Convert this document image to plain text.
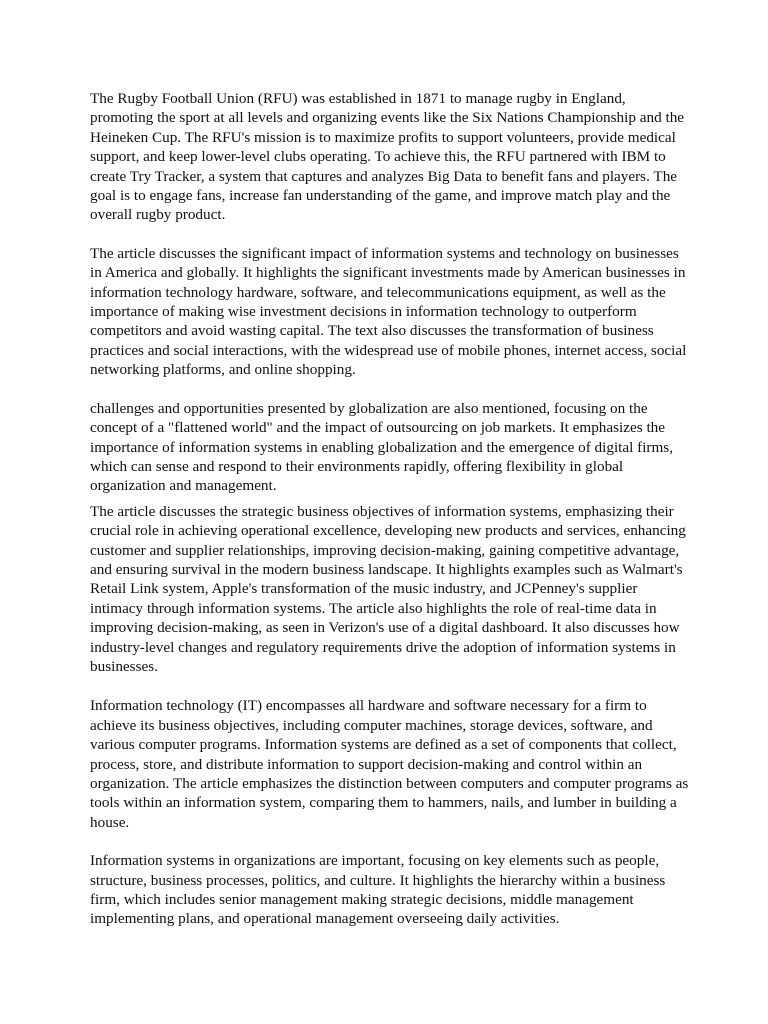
The Rugby Football Union (RFU) was established in 1871 to manage rugby in England, promoting the sport at all levels and organizing events like the Six Nations Championship and the Heineken Cup. The RFU's mission is to maximize profits to support volunteers, provide medical support, and keep lower-level clubs operating. To achieve this, the RFU partnered with IBM to create Try Tracker, a system that captures and analyzes Big Data to benefit fans and players. The goal is to engage fans, increase fan understanding of the game, and improve match play and the overall rugby product.

The article discusses the significant impact of information systems and technology on businesses in America and globally. It highlights the significant investments made by American businesses in information technology hardware, software, and telecommunications equipment, as well as the importance of making wise investment decisions in information technology to outperform competitors and avoid wasting capital. The text also discusses the transformation of business practices and social interactions, with the widespread use of mobile phones, internet access, social networking platforms, and online shopping.

challenges and opportunities presented by globalization are also mentioned, focusing on the concept of a "flattened world" and the impact of outsourcing on job markets. It emphasizes the importance of information systems in enabling globalization and the emergence of digital firms, which can sense and respond to their environments rapidly, offering flexibility in global organization and management.

The article discusses the strategic business objectives of information systems, emphasizing their crucial role in achieving operational excellence, developing new products and services, enhancing customer and supplier relationships, improving decision-making, gaining competitive advantage, and ensuring survival in the modern business landscape. It highlights examples such as Walmart's Retail Link system, Apple's transformation of the music industry, and JCPenney's supplier intimacy through information systems. The article also highlights the role of real-time data in improving decision-making, as seen in Verizon's use of a digital dashboard. It also discusses how industry-level changes and regulatory requirements drive the adoption of information systems in businesses.

Information technology (IT) encompasses all hardware and software necessary for a firm to achieve its business objectives, including computer machines, storage devices, software, and various computer programs. Information systems are defined as a set of components that collect, process, store, and distribute information to support decision-making and control within an organization. The article emphasizes the distinction between computers and computer programs as tools within an information system, comparing them to hammers, nails, and lumber in building a house.

Information systems in organizations are important, focusing on key elements such as people, structure, business processes, politics, and culture. It highlights the hierarchy within a business firm, which includes senior management making strategic decisions, middle management implementing plans, and operational management overseeing daily activities.
